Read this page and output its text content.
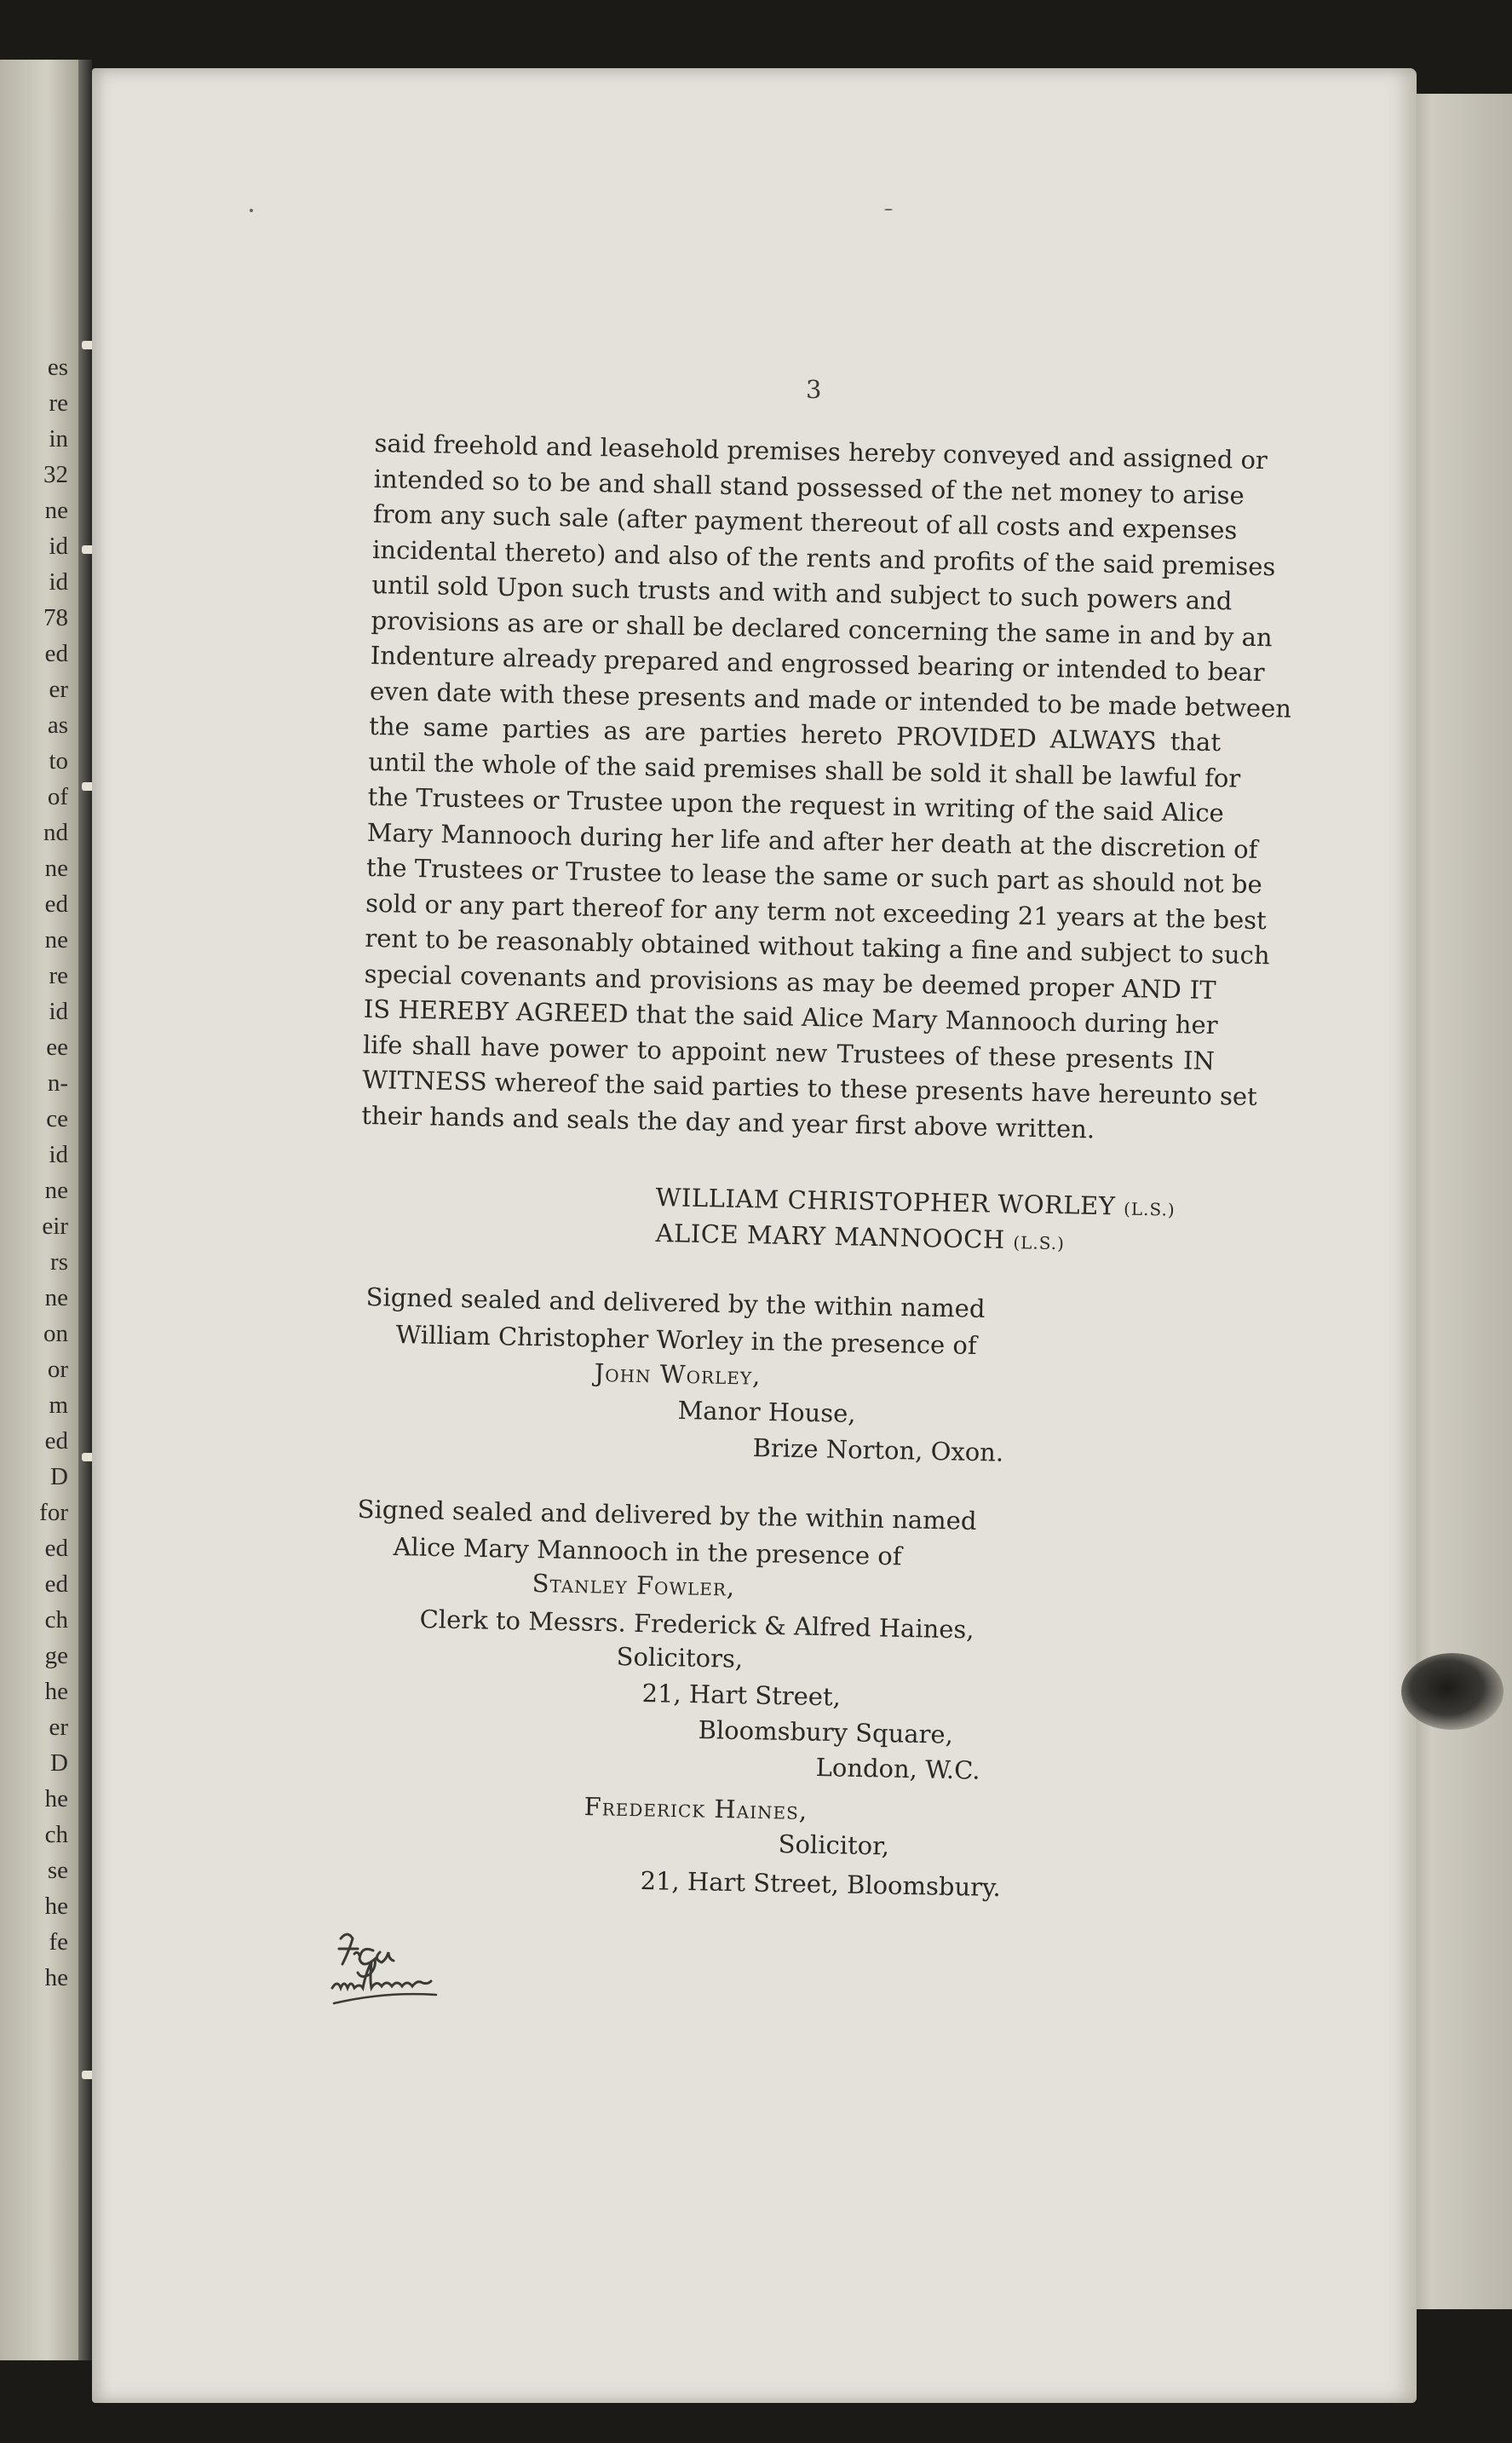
es
re
in
32
ne
id
id
78
ed
er
as
to
of
nd
ne
ed
ne
re
id
ee
n-
ce
id
ne
eir
rs
ne
on
or
m
ed
D
for
ed
ed
ch
ge
he
er
D
he
ch
se
he
fe
he
3
said freehold and leasehold premises hereby conveyed and assigned or
intended so to be and shall stand possessed of the net money to arise
from any such sale (after payment thereout of all costs and expenses
incidental thereto) and also of the rents and profits of the said premises
until sold Upon such trusts and with and subject to such powers and
provisions as are or shall be declared concerning the same in and by an
Indenture already prepared and engrossed bearing or intended to bear
even date with these presents and made or intended to be made between
the same parties as are parties hereto PROVIDED ALWAYS that
until the whole of the said premises shall be sold it shall be lawful for
the Trustees or Trustee upon the request in writing of the said Alice
Mary Mannooch during her life and after her death at the discretion of
the Trustees or Trustee to lease the same or such part as should not be
sold or any part thereof for any term not exceeding 21 years at the best
rent to be reasonably obtained without taking a fine and subject to such
special covenants and provisions as may be deemed proper AND IT
IS HEREBY AGREED that the said Alice Mary Mannooch during her
life shall have power to appoint new Trustees of these presents IN
WITNESS whereof the said parties to these presents have hereunto set
their hands and seals the day and year first above written.
WILLIAM CHRISTOPHER WORLEY (L.S.)
ALICE MARY MANNOOCH (L.S.)
Signed sealed and delivered by the within named
William Christopher Worley in the presence of
John Worley,
Manor House,
Brize Norton, Oxon.
Signed sealed and delivered by the within named
Alice Mary Mannooch in the presence of
Stanley Fowler,
Clerk to Messrs. Frederick & Alfred Haines,
Solicitors,
21, Hart Street,
Bloomsbury Square,
London, W.C.
Frederick Haines,
Solicitor,
21, Hart Street, Bloomsbury.
